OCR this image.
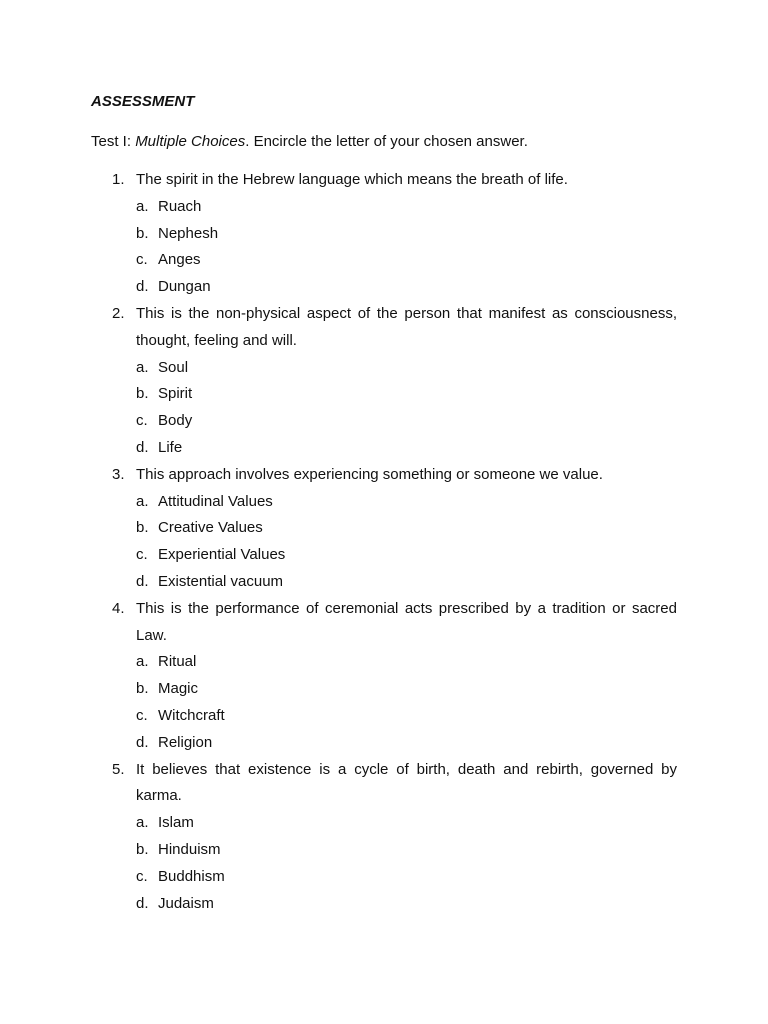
ASSESSMENT
Test I: Multiple Choices. Encircle the letter of your chosen answer.
1. The spirit in the Hebrew language which means the breath of life.
a. Ruach
b. Nephesh
c. Anges
d. Dungan
2. This is the non-physical aspect of the person that manifest as consciousness, thought, feeling and will.
a. Soul
b. Spirit
c. Body
d. Life
3. This approach involves experiencing something or someone we value.
a. Attitudinal Values
b. Creative Values
c. Experiential Values
d. Existential vacuum
4. This is the performance of ceremonial acts prescribed by a tradition or sacred Law.
a. Ritual
b. Magic
c. Witchcraft
d. Religion
5. It believes that existence is a cycle of birth, death and rebirth, governed by karma.
a. Islam
b. Hinduism
c. Buddhism
d. Judaism
